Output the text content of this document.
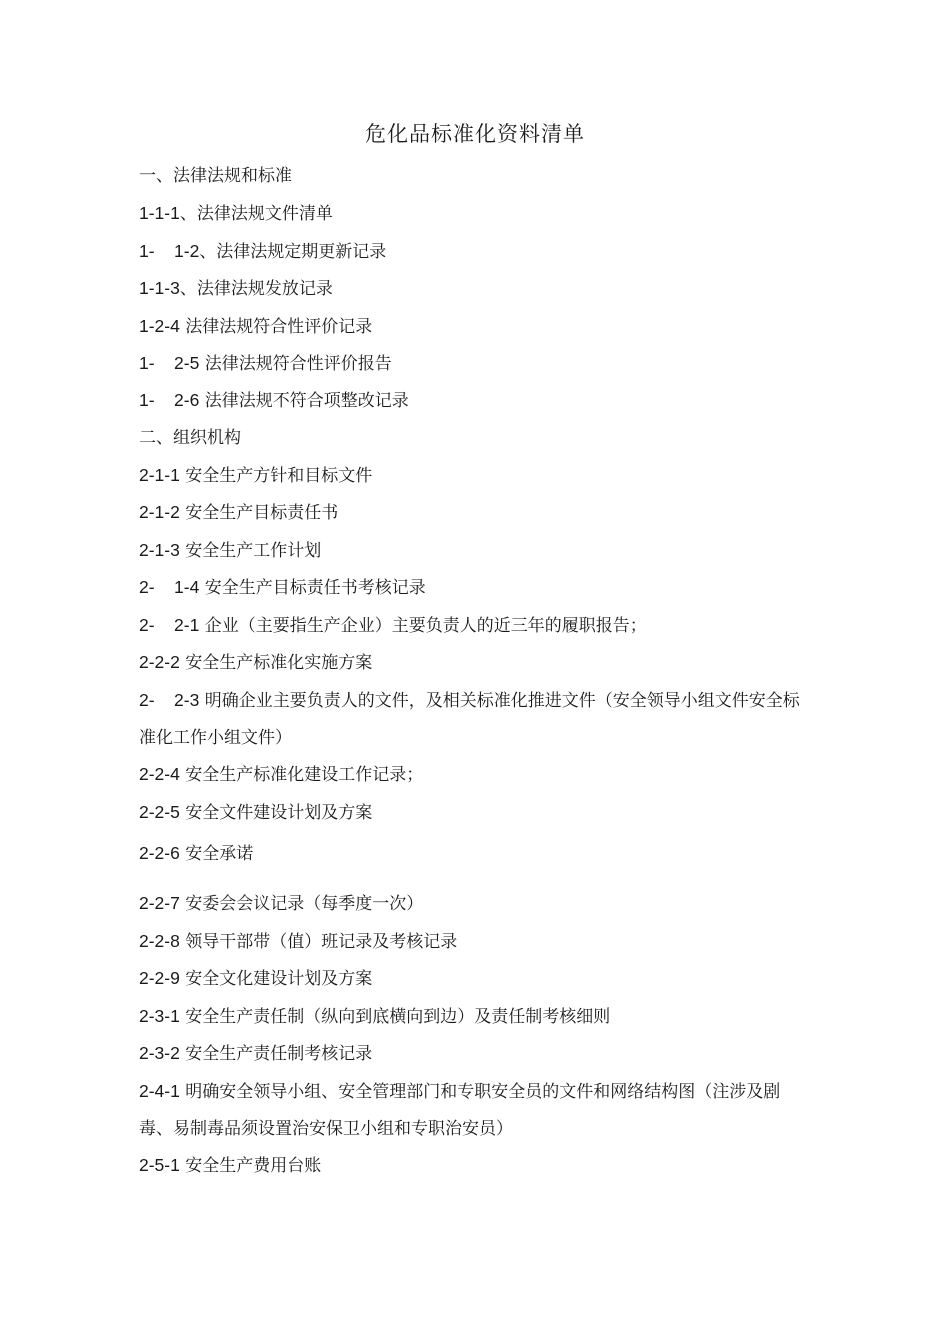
危化品标准化资料清单
一、法律法规和标准
1-1-1、法律法规文件清单
1-    1-2、法律法规定期更新记录
1-1-3、法律法规发放记录
1-2-4 法律法规符合性评价记录
1-    2-5 法律法规符合性评价报告
1-    2-6 法律法规不符合项整改记录
二、组织机构
2-1-1 安全生产方针和目标文件
2-1-2 安全生产目标责任书
2-1-3 安全生产工作计划
2-    1-4 安全生产目标责任书考核记录
2-    2-1 企业（主要指生产企业）主要负责人的近三年的履职报告；
2-2-2 安全生产标准化实施方案
2-    2-3 明确企业主要负责人的文件，及相关标准化推进文件（安全领导小组文件安全标准化工作小组文件）
2-2-4 安全生产标准化建设工作记录；
2-2-5 安全文件建设计划及方案
2-2-6 安全承诺
2-2-7 安委会会议记录（每季度一次）
2-2-8 领导干部带（值）班记录及考核记录
2-2-9 安全文化建设计划及方案
2-3-1 安全生产责任制（纵向到底横向到边）及责任制考核细则
2-3-2 安全生产责任制考核记录
2-4-1 明确安全领导小组、安全管理部门和专职安全员的文件和网络结构图（注涉及剧毒、易制毒品须设置治安保卫小组和专职治安员）
2-5-1 安全生产费用台账
